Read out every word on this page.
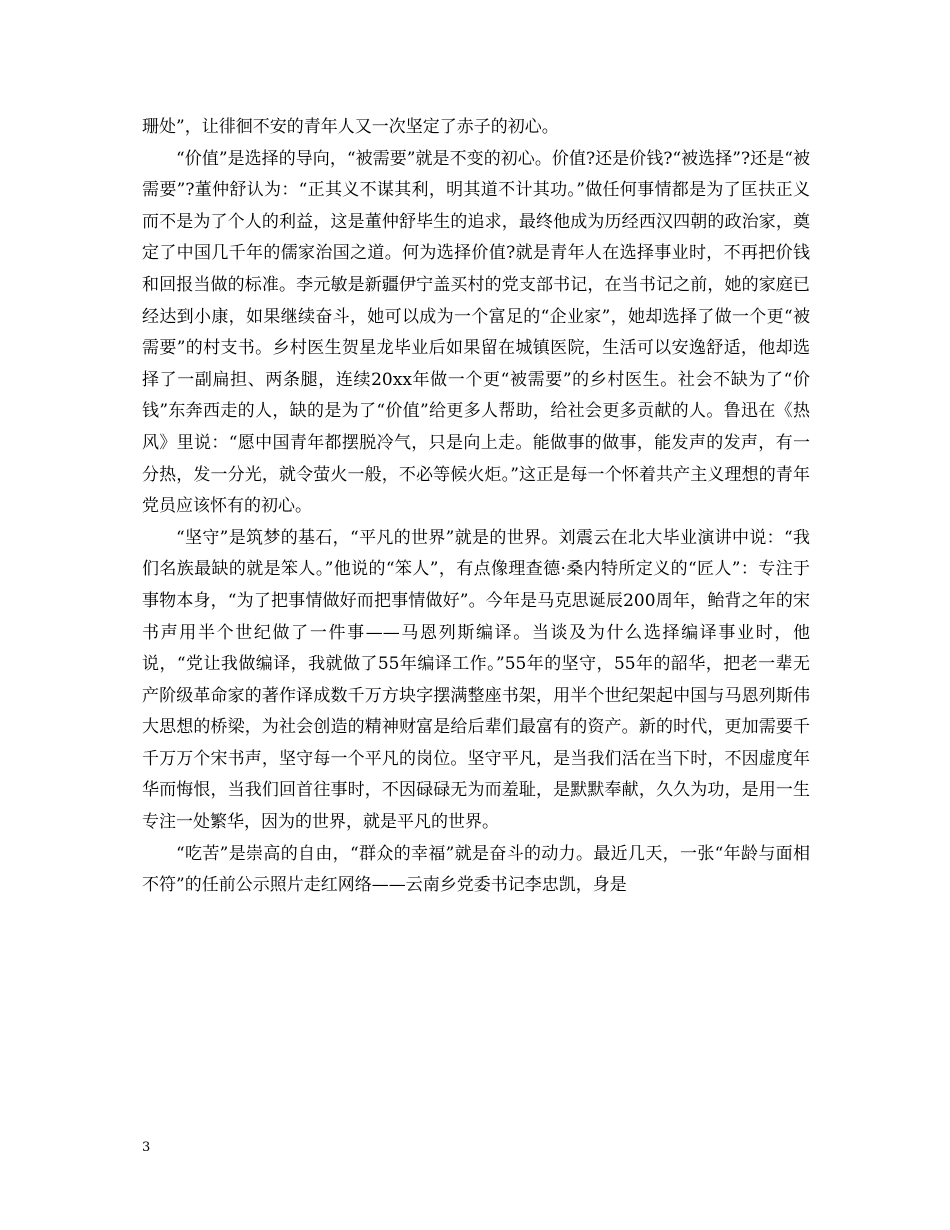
珊处”，让徘徊不安的青年人又一次坚定了赤子的初心。

“价值”是选择的导向，“被需要”就是不变的初心。价值?还是价钱?“被选择”?还是“被需要”?董仲舒认为：“正其义不谋其利，明其道不计其功。”做任何事情都是为了匡扶正义而不是为了个人的利益，这是董仲舒毕生的追求，最终他成为历经西汉四朝的政治家，奠定了中国几千年的儒家治国之道。何为选择价值?就是青年人在选择事业时，不再把价钱和回报当做的标准。李元敏是新疆伊宁盖买村的党支部书记，在当书记之前，她的家庭已经达到小康，如果继续奋斗，她可以成为一个富足的“企业家”，她却选择了做一个更“被需要”的村支书。乡村医生贺星龙毕业后如果留在城镇医院，生活可以安逸舒适，他却选择了一副扁担、两条腿，连续20xx年做一个更“被需要”的乡村医生。社会不缺为了“价钱”东奔西走的人，缺的是为了“价值”给更多人帮助，给社会更多贡献的人。鲁迅在《热风》里说：“愿中国青年都摆脱冷气，只是向上走。能做事的做事，能发声的发声，有一分热，发一分光，就令萤火一般，不必等候火炬。”这正是每一个怀着共产主义理想的青年党员应该怀有的初心。

“坚守”是筑梦的基石，“平凡的世界”就是的世界。刘震云在北大毕业演讲中说：“我们名族最缺的就是笨人。”他说的“笨人”，有点像理查德·桑内特所定义的“匠人”：专注于事物本身，“为了把事情做好而把事情做好”。今年是马克思诞辰200周年，鲐背之年的宋书声用半个世纪做了一件事——马恩列斯编译。当谈及为什么选择编译事业时，他说，“党让我做编译，我就做了55年编译工作。”55年的坚守，55年的韶华，把老一辈无产阶级革命家的著作译成数千万方块字摆满整座书架，用半个世纪架起中国与马恩列斯伟大思想的桥梁，为社会创造的精神财富是给后辈们最富有的资产。新的时代，更加需要千千万万个宋书声，坚守每一个平凡的岗位。坚守平凡，是当我们活在当下时，不因虚度年华而悔恨，当我们回首往事时，不因碌碌无为而羞耻，是默默奉献，久久为功，是用一生专注一处繁华，因为的世界，就是平凡的世界。

“吃苦”是崇高的自由，“群众的幸福”就是奋斗的动力。最近几天，一张“年龄与面相不符”的任前公示照片走红网络——云南乡党委书记李忠凯，身是

3
